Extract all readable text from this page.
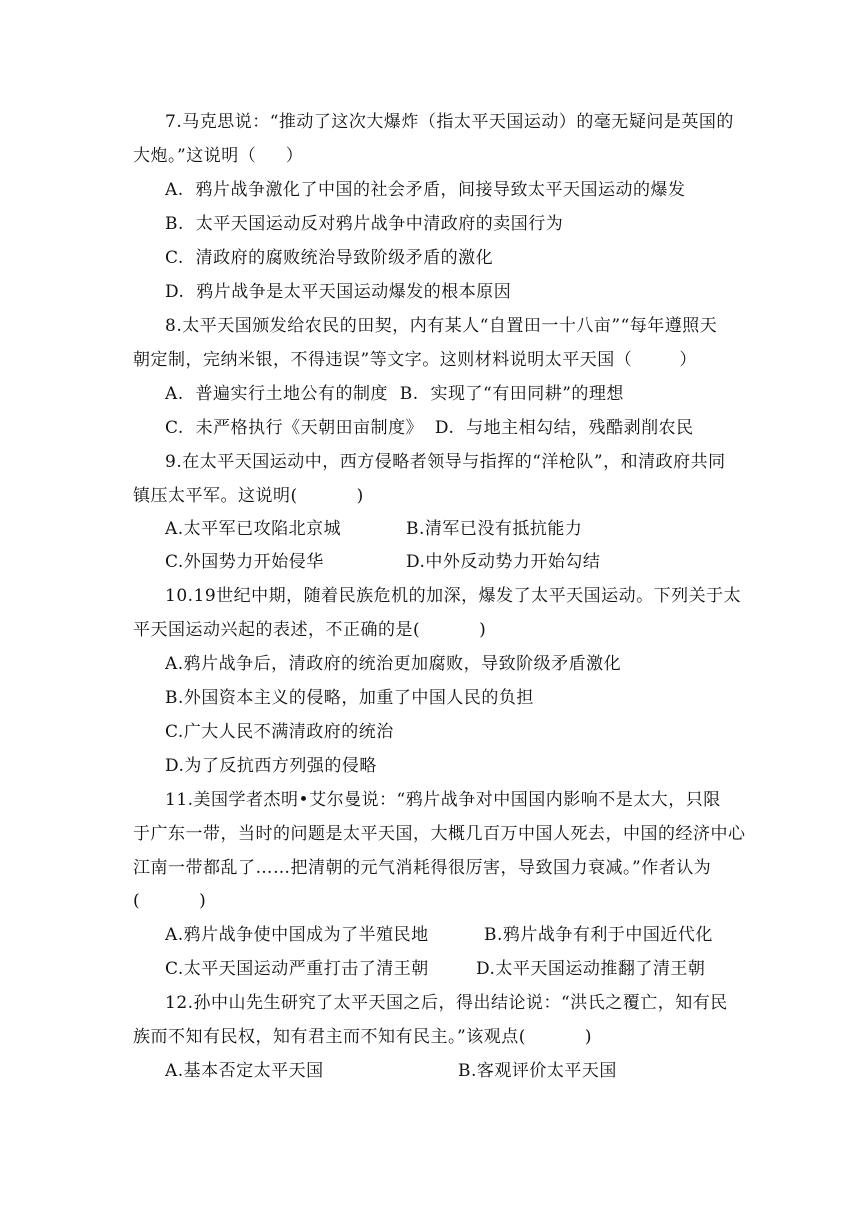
7.马克思说：“推动了这次大爆炸（指太平天国运动）的毫无疑问是英国的
大炮。”这说明（     ）
A.  鸦片战争激化了中国的社会矛盾，间接导致太平天国运动的爆发
B.  太平天国运动反对鸦片战争中清政府的卖国行为
C.  清政府的腐败统治导致阶级矛盾的激化
D.  鸦片战争是太平天国运动爆发的根本原因
8.太平天国颁发给农民的田契，内有某人“自置田一十八亩”“每年遵照天
朝定制，完纳米银，不得违误”等文字。这则材料说明太平天国（        ）
A.  普遍实行土地公有的制度  B.  实现了“有田同耕”的理想
C.  未严格执行《天朝田亩制度》  D.  与地主相勾结，残酷剥削农民
9.在太平天国运动中，西方侵略者领导与指挥的“洋枪队”，和清政府共同
镇压太平军。这说明(          )
A.太平军已攻陷北京城	B.清军已没有抵抗能力
C.外国势力开始侵华	D.中外反动势力开始勾结
10.19世纪中期，随着民族危机的加深，爆发了太平天国运动。下列关于太
平天国运动兴起的表述，不正确的是(          )
A.鸦片战争后，清政府的统治更加腐败，导致阶级矛盾激化
B.外国资本主义的侵略，加重了中国人民的负担
C.广大人民不满清政府的统治
D.为了反抗西方列强的侵略
11.美国学者杰明•艾尔曼说：“鸦片战争对中国国内影响不是太大，只限
于广东一带，当时的问题是太平天国，大概几百万中国人死去，中国的经济中心
江南一带都乱了……把清朝的元气消耗得很厉害，导致国力衰减。”作者认为
(          )
A.鸦片战争使中国成为了半殖民地	B.鸦片战争有利于中国近代化
C.太平天国运动严重打击了清王朝	D.太平天国运动推翻了清王朝
12.孙中山先生研究了太平天国之后，得出结论说：“洪氏之覆亡，知有民
族而不知有民权，知有君主而不知有民主。”该观点(          )
A.基本否定太平天国	B.客观评价太平天国
